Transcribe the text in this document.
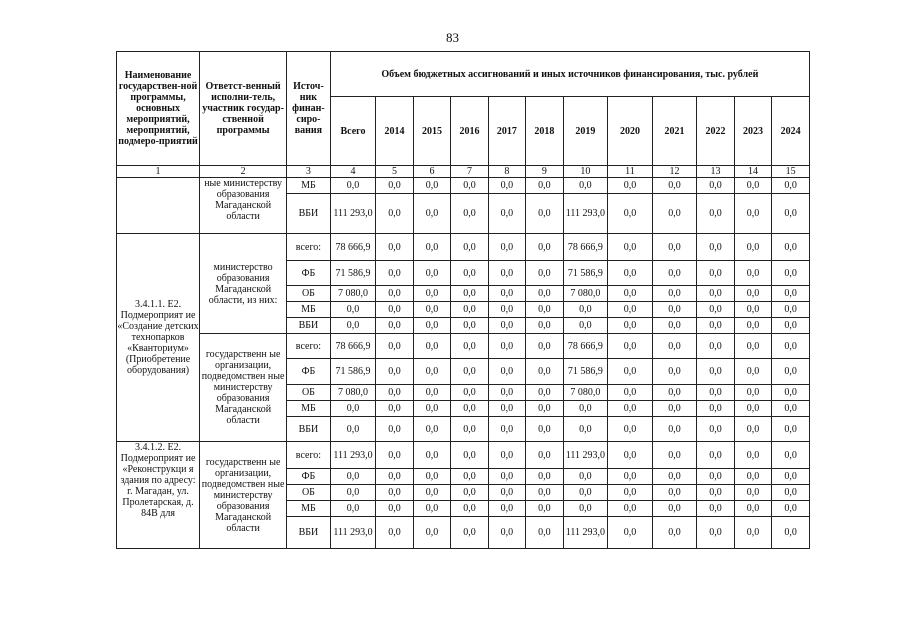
83
Наименование государствен-ной программы, основных мероприятий, мероприятий, подмеро-приятий	Ответст-венный исполни-тель, участник государ-ственной программы	Источ-ник финан-сиро-вания	Объем бюджетных ассигнований и иных источников финансирования, тыс. рублей											
			Всего	2014	2015	2016	2017	2018	2019	2020	2021	2022	2023	2024
1	2	3	4	5	6	7	8	9	10	11	12	13	14	15
	ные министерству образования Магаданской области	МБ	0,0	0,0	0,0	0,0	0,0	0,0	0,0	0,0	0,0	0,0	0,0	0,0
		ВБИ	111 293,0	0,0	0,0	0,0	0,0	0,0	111 293,0	0,0	0,0	0,0	0,0	0,0
3.4.1.1. Е2. Подмероприят ие «Создание детских технопарков «Кванториум» (Приобретение оборудования)	министерство образования Магаданской области, из них:	всего:	78 666,9	0,0	0,0	0,0	0,0	0,0	78 666,9	0,0	0,0	0,0	0,0	0,0
		ФБ	71 586,9	0,0	0,0	0,0	0,0	0,0	71 586,9	0,0	0,0	0,0	0,0	0,0
		ОБ	7 080,0	0,0	0,0	0,0	0,0	0,0	7 080,0	0,0	0,0	0,0	0,0	0,0
		МБ	0,0	0,0	0,0	0,0	0,0	0,0	0,0	0,0	0,0	0,0	0,0	0,0
		ВБИ	0,0	0,0	0,0	0,0	0,0	0,0	0,0	0,0	0,0	0,0	0,0	0,0
	государственн ые организации, подведомствен ные министерству образования Магаданской области	всего:	78 666,9	0,0	0,0	0,0	0,0	0,0	78 666,9	0,0	0,0	0,0	0,0	0,0
		ФБ	71 586,9	0,0	0,0	0,0	0,0	0,0	71 586,9	0,0	0,0	0,0	0,0	0,0
		ОБ	7 080,0	0,0	0,0	0,0	0,0	0,0	7 080,0	0,0	0,0	0,0	0,0	0,0
		МБ	0,0	0,0	0,0	0,0	0,0	0,0	0,0	0,0	0,0	0,0	0,0	0,0
		ВБИ	0,0	0,0	0,0	0,0	0,0	0,0	0,0	0,0	0,0	0,0	0,0	0,0
3.4.1.2. Е2. Подмероприят ие «Реконструкци я здания по адресу: г. Магадан, ул. Пролетарская, д. 84В для	государственн ые организации, подведомствен ные министерству образования Магаданской области	всего:	111 293,0	0,0	0,0	0,0	0,0	0,0	111 293,0	0,0	0,0	0,0	0,0	0,0
		ФБ	0,0	0,0	0,0	0,0	0,0	0,0	0,0	0,0	0,0	0,0	0,0	0,0
		ОБ	0,0	0,0	0,0	0,0	0,0	0,0	0,0	0,0	0,0	0,0	0,0	0,0
		МБ	0,0	0,0	0,0	0,0	0,0	0,0	0,0	0,0	0,0	0,0	0,0	0,0
		ВБИ	111 293,0	0,0	0,0	0,0	0,0	0,0	111 293,0	0,0	0,0	0,0	0,0	0,0
